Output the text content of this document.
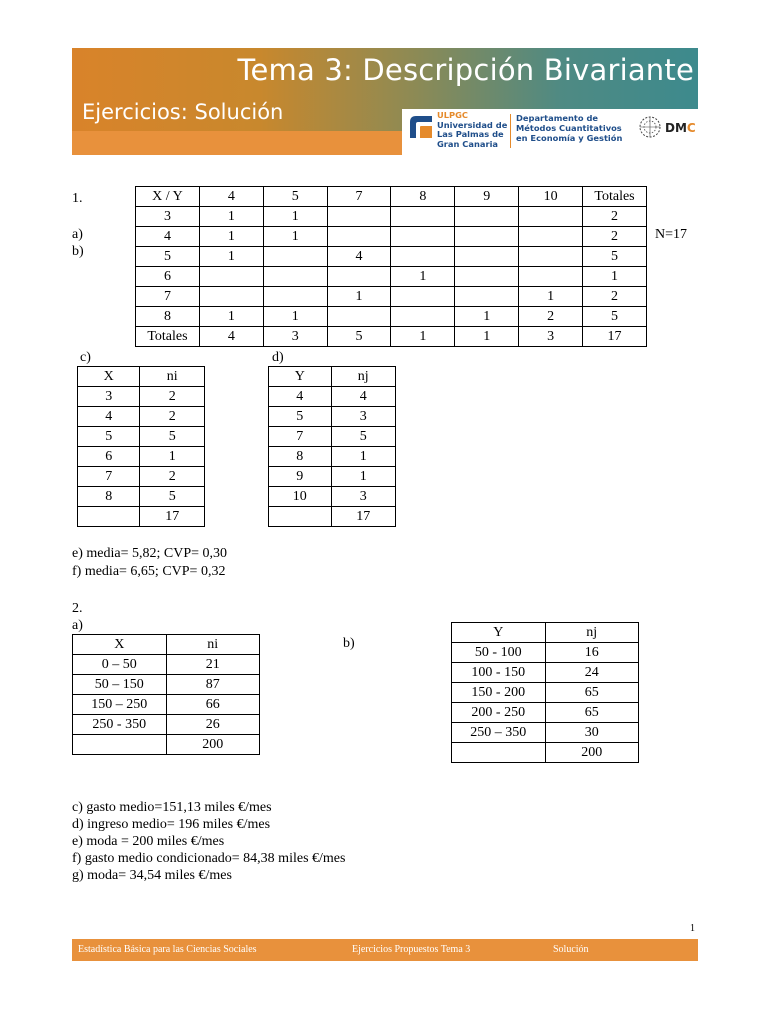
Tema 3: Descripción Bivariante
Ejercicios: Solución	ULPGC
Universidad de
Las Palmas de
Gran Canaria
Departamento de
Métodos Cuantitativos
en Economía y Gestión
DMC
1.
a)
b)
N=17
X / Y	4	5	7	8	9	10	Totales
3	1	1					2
4	1	1					2
5	1		4				5
6				1			1
7			1			1	2
8	1	1			1	2	5
Totales	4	3	5	1	1	3	17
c)
X	ni
3	2
4	2
5	5
6	1
7	2
8	5
	17
d)
Y	nj
4	4
5	3
7	5
8	1
9	1
10	3
	17
e) media= 5,82; CVP= 0,30
f) media= 6,65; CVP= 0,32
2.
a)
X	ni
0 – 50	21
50 – 150	87
150 – 250	66
250 - 350	26
	200
b)
Y	nj
50 - 100	16
100 - 150	24
150 - 200	65
200 - 250	65
250 – 350	30
	200
c) gasto medio=151,13 miles €/mes
d) ingreso medio= 196 miles €/mes
e) moda = 200 miles €/mes
f) gasto medio condicionado= 84,38 miles €/mes
g) moda= 34,54 miles €/mes
1
Estadística Básica para las Ciencias Sociales	Ejercicios Propuestos Tema 3	Solución
